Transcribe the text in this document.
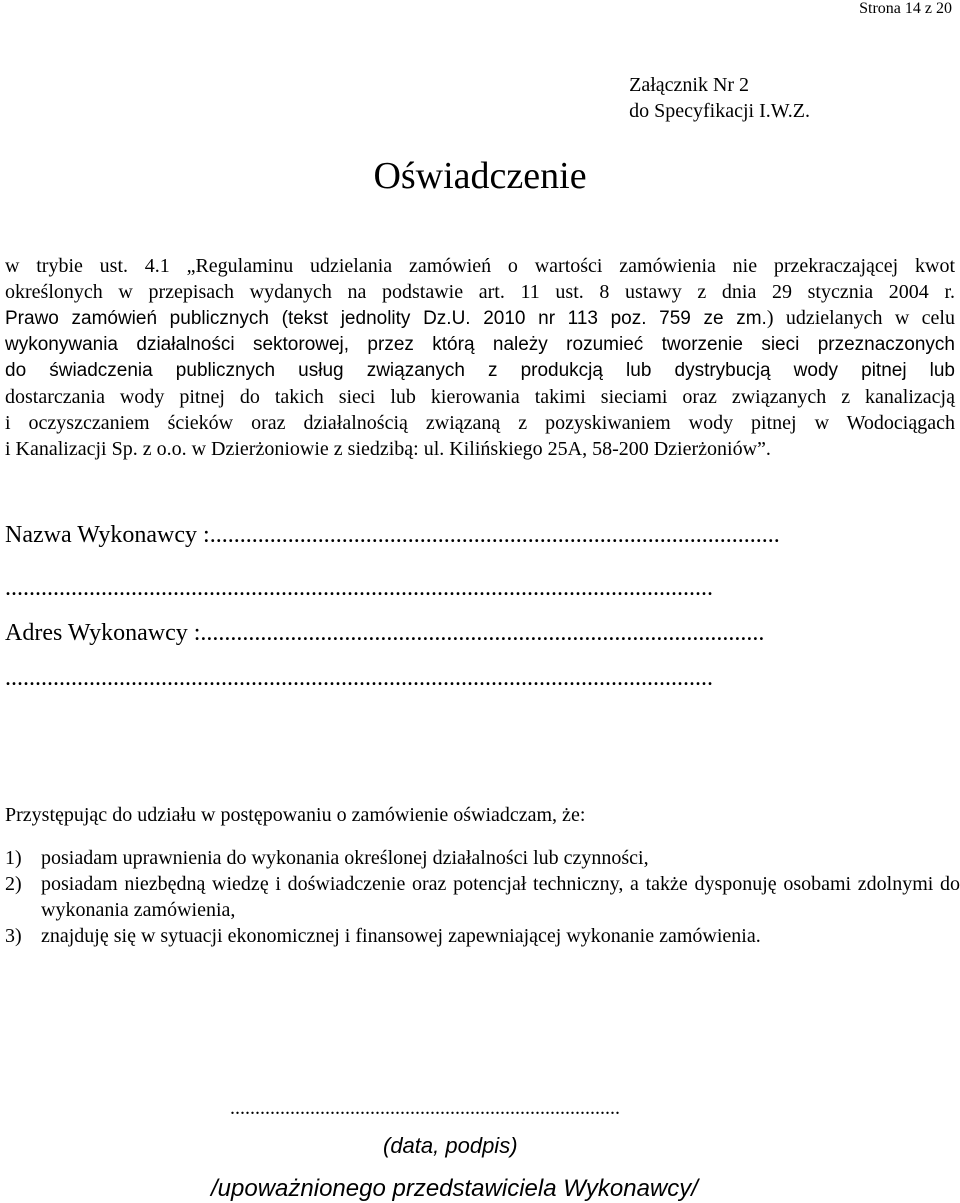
Strona 14 z 20
Załącznik Nr 2
do Specyfikacji I.W.Z.
Oświadczenie
w trybie ust. 4.1 „Regulaminu udzielania zamówień o wartości zamówienia nie przekraczającej kwot
określonych w przepisach wydanych na podstawie art. 11 ust. 8 ustawy z dnia 29 stycznia 2004 r.
Prawo zamówień publicznych (tekst jednolity Dz.U. 2010 nr 113 poz. 759 ze zm.) udzielanych w celu
wykonywania działalności sektorowej, przez którą należy rozumieć tworzenie sieci przeznaczonych
do świadczenia publicznych usług związanych z produkcją lub dystrybucją wody pitnej lub
dostarczania wody pitnej do takich sieci lub kierowania takimi sieciami oraz związanych z kanalizacją
i oczyszczaniem ścieków oraz działalnością związaną z pozyskiwaniem wody pitnej w Wodociągach
i Kanalizacji Sp. z o.o. w Dzierżoniowie z siedzibą: ul. Kilińskiego 25A, 58-200 Dzierżoniów”.
Nazwa Wykonawcy :...............................................................................................
......................................................................................................................
Adres Wykonawcy :..............................................................................................
......................................................................................................................
Przystępując do udziału w postępowaniu o zamówienie oświadczam, że:
1) posiadam uprawnienia do wykonania określonej działalności lub czynności,
2) posiadam niezbędną wiedzę i doświadczenie oraz potencjał techniczny, a także dysponuję osobami zdolnymi do wykonania zamówienia,
3) znajduję się w sytuacji ekonomicznej i finansowej zapewniającej wykonanie zamówienia.
..............................................................................
(data, podpis)
/upoważnionego przedstawiciela Wykonawcy/
